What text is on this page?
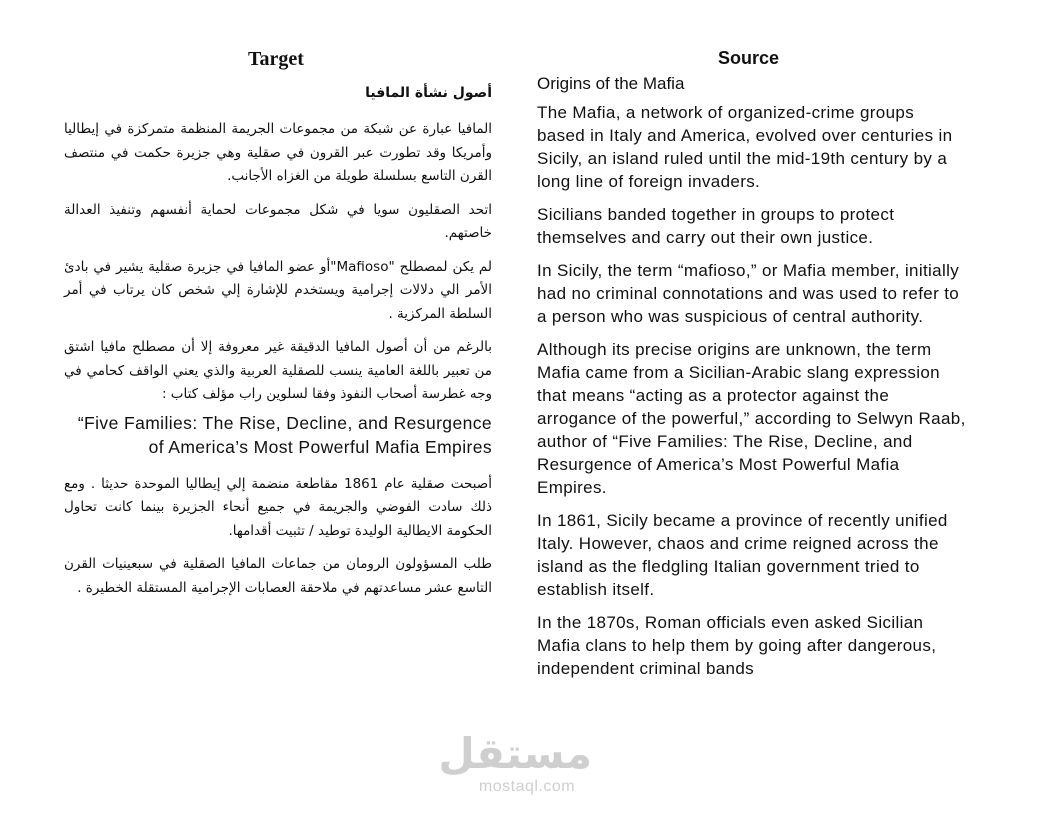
Target	Source
أصول نشأة المافيا

المافيا عبارة عن شبكة من مجموعات الجريمة المنظمة متمركزة في إيطاليا وأمريكا وقد تطورت عبر القرون في صقلية وهي جزيرة حكمت في منتصف القرن التاسع بسلسلة طويلة من الغزاه الأجانب.

اتحد الصقليون سويا في شكل مجموعات لحماية أنفسهم وتنفيذ العدالة خاصتهم.

لم يكن لمصطلح "Mafioso"أو عضو المافيا في جزيرة صقلية يشير في بادئ الأمر الي دلالات إجرامية ويستخدم للإشارة إلي شخص كان يرتاب في أمر السلطة المركزية .

بالرغم من أن أصول المافيا الدقيقة غير معروفة إلا أن مصطلح مافيا اشتق من تعبير باللغة العامية ينسب للصقلية العربية والذي يعني الواقف كحامي في وجه غطرسة أصحاب النفوذ وفقا لسلوين راب مؤلف كتاب :

“Five Families: The Rise, Decline, and Resurgence of America’s Most Powerful Mafia Empires

أصبحت صقلية عام 1861 مقاطعة منضمة إلي إيطاليا الموحدة حديثا . ومع ذلك سادت الفوضي والجريمة في جميع أنحاء الجزيرة بينما كانت تحاول الحكومة الايطالية الوليدة توطيد / تثبيت أقدامها.

طلب المسؤولون الرومان من جماعات المافيا الصقلية في سبعينيات القرن التاسع عشر مساعدتهم في ملاحقة العصابات الإجرامية المستقلة الخطيرة .

Origins of the Mafia

The Mafia, a network of organized-crime groups based in Italy and America, evolved over centuries in Sicily, an island ruled until the mid-19th century by a long line of foreign invaders.

Sicilians banded together in groups to protect themselves and carry out their own justice.

In Sicily, the term “mafioso,” or Mafia member, initially had no criminal connotations and was used to refer to a person who was suspicious of central authority.

Although its precise origins are unknown, the term Mafia came from a Sicilian-Arabic slang expression that means “acting as a protector against the arrogance of the powerful,” according to Selwyn Raab, author of “Five Families: The Rise, Decline, and Resurgence of America’s Most Powerful Mafia Empires.

In 1861, Sicily became a province of recently unified Italy. However, chaos and crime reigned across the island as the fledgling Italian government tried to establish itself.

In the 1870s, Roman officials even asked Sicilian Mafia clans to help them by going after dangerous, independent criminal bands

مستقل
mostaql.com
